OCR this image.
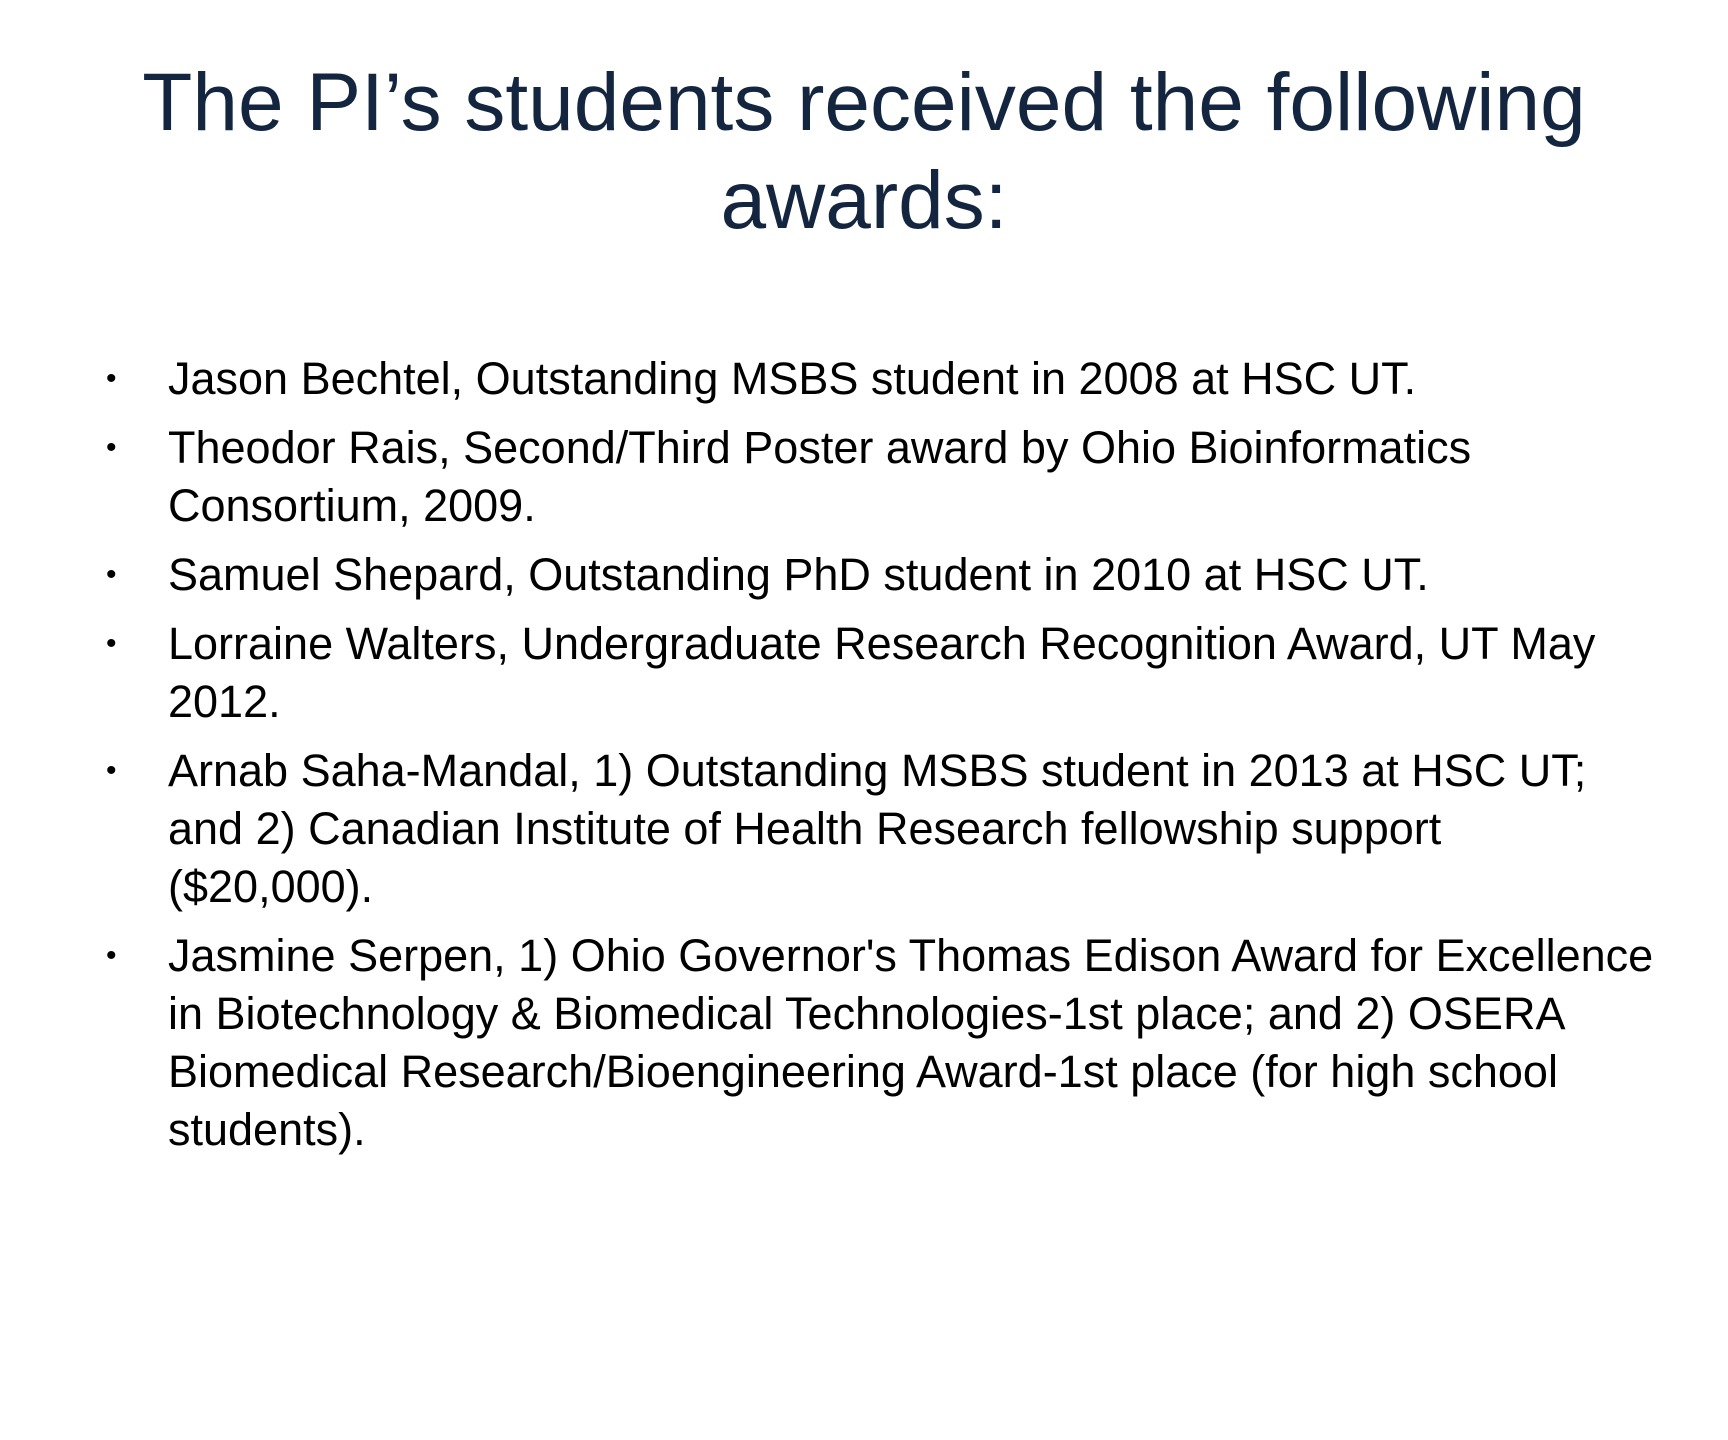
The PI’s students received the following awards:
• Jason Bechtel, Outstanding MSBS student in 2008 at HSC UT.
• Theodor Rais, Second/Third Poster award by Ohio Bioinformatics Consortium, 2009.
• Samuel Shepard, Outstanding PhD student in 2010 at HSC UT.
• Lorraine Walters, Undergraduate Research Recognition Award, UT May 2012.
• Arnab Saha-Mandal, 1) Outstanding MSBS student in 2013 at HSC UT; and 2) Canadian Institute of Health Research fellowship support ($20,000).
• Jasmine Serpen, 1) Ohio Governor's Thomas Edison Award for Excellence in Biotechnology & Biomedical Technologies-1st place; and 2) OSERA Biomedical Research/Bioengineering Award-1st place (for high school students).
